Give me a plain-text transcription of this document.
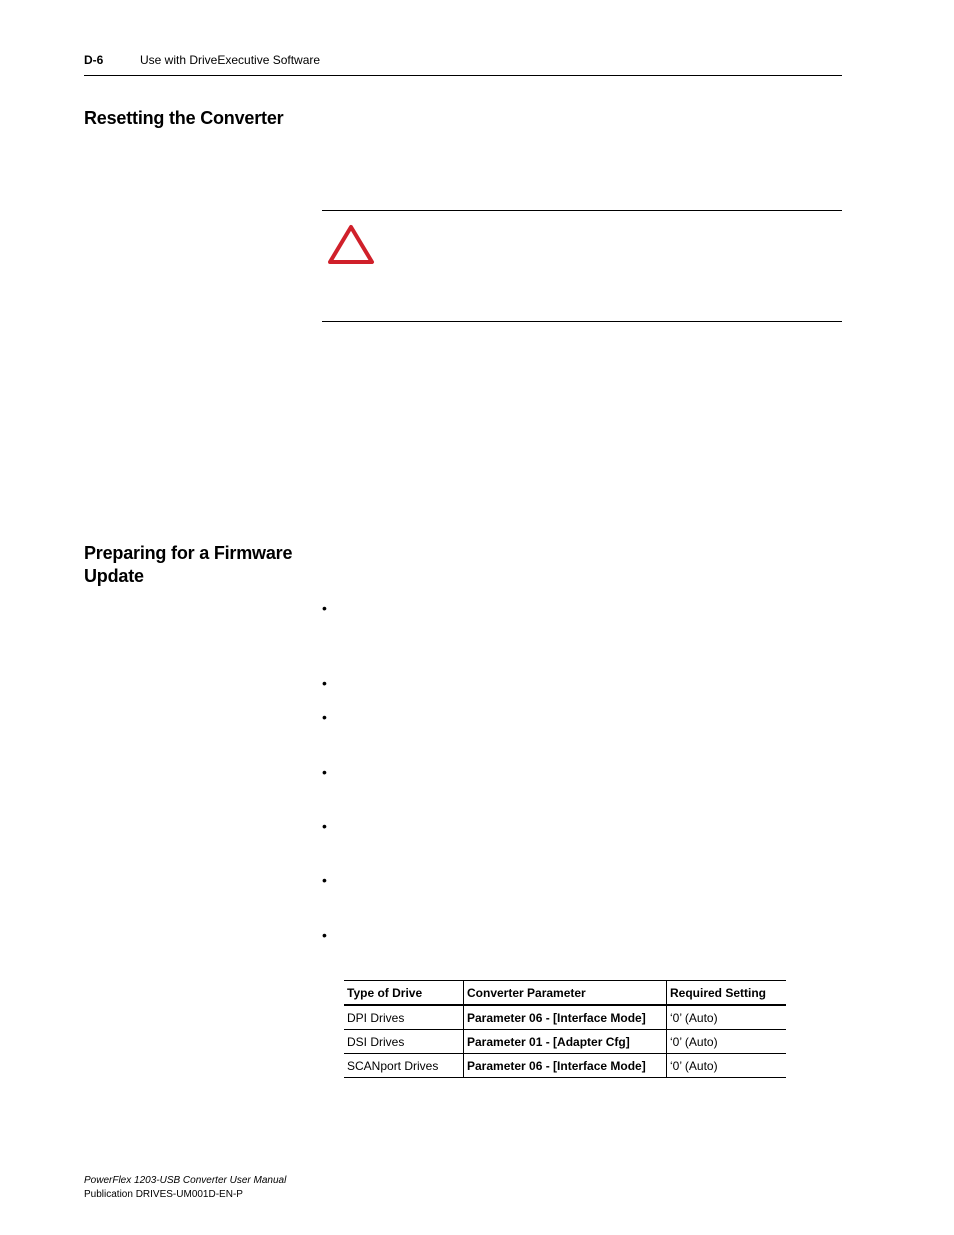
D-6	Use with DriveExecutive Software
Resetting the Converter
Preparing for a Firmware Update
•
•
•
•
•
•
•
Type of Drive	Converter Parameter	Required Setting
DPI Drives	Parameter 06 - [Interface Mode]	‘0’ (Auto)
DSI Drives	Parameter 01 - [Adapter Cfg]	‘0’ (Auto)
SCANport Drives	Parameter 06 - [Interface Mode]	‘0’ (Auto)
PowerFlex 1203-USB Converter User Manual
Publication DRIVES-UM001D-EN-P
